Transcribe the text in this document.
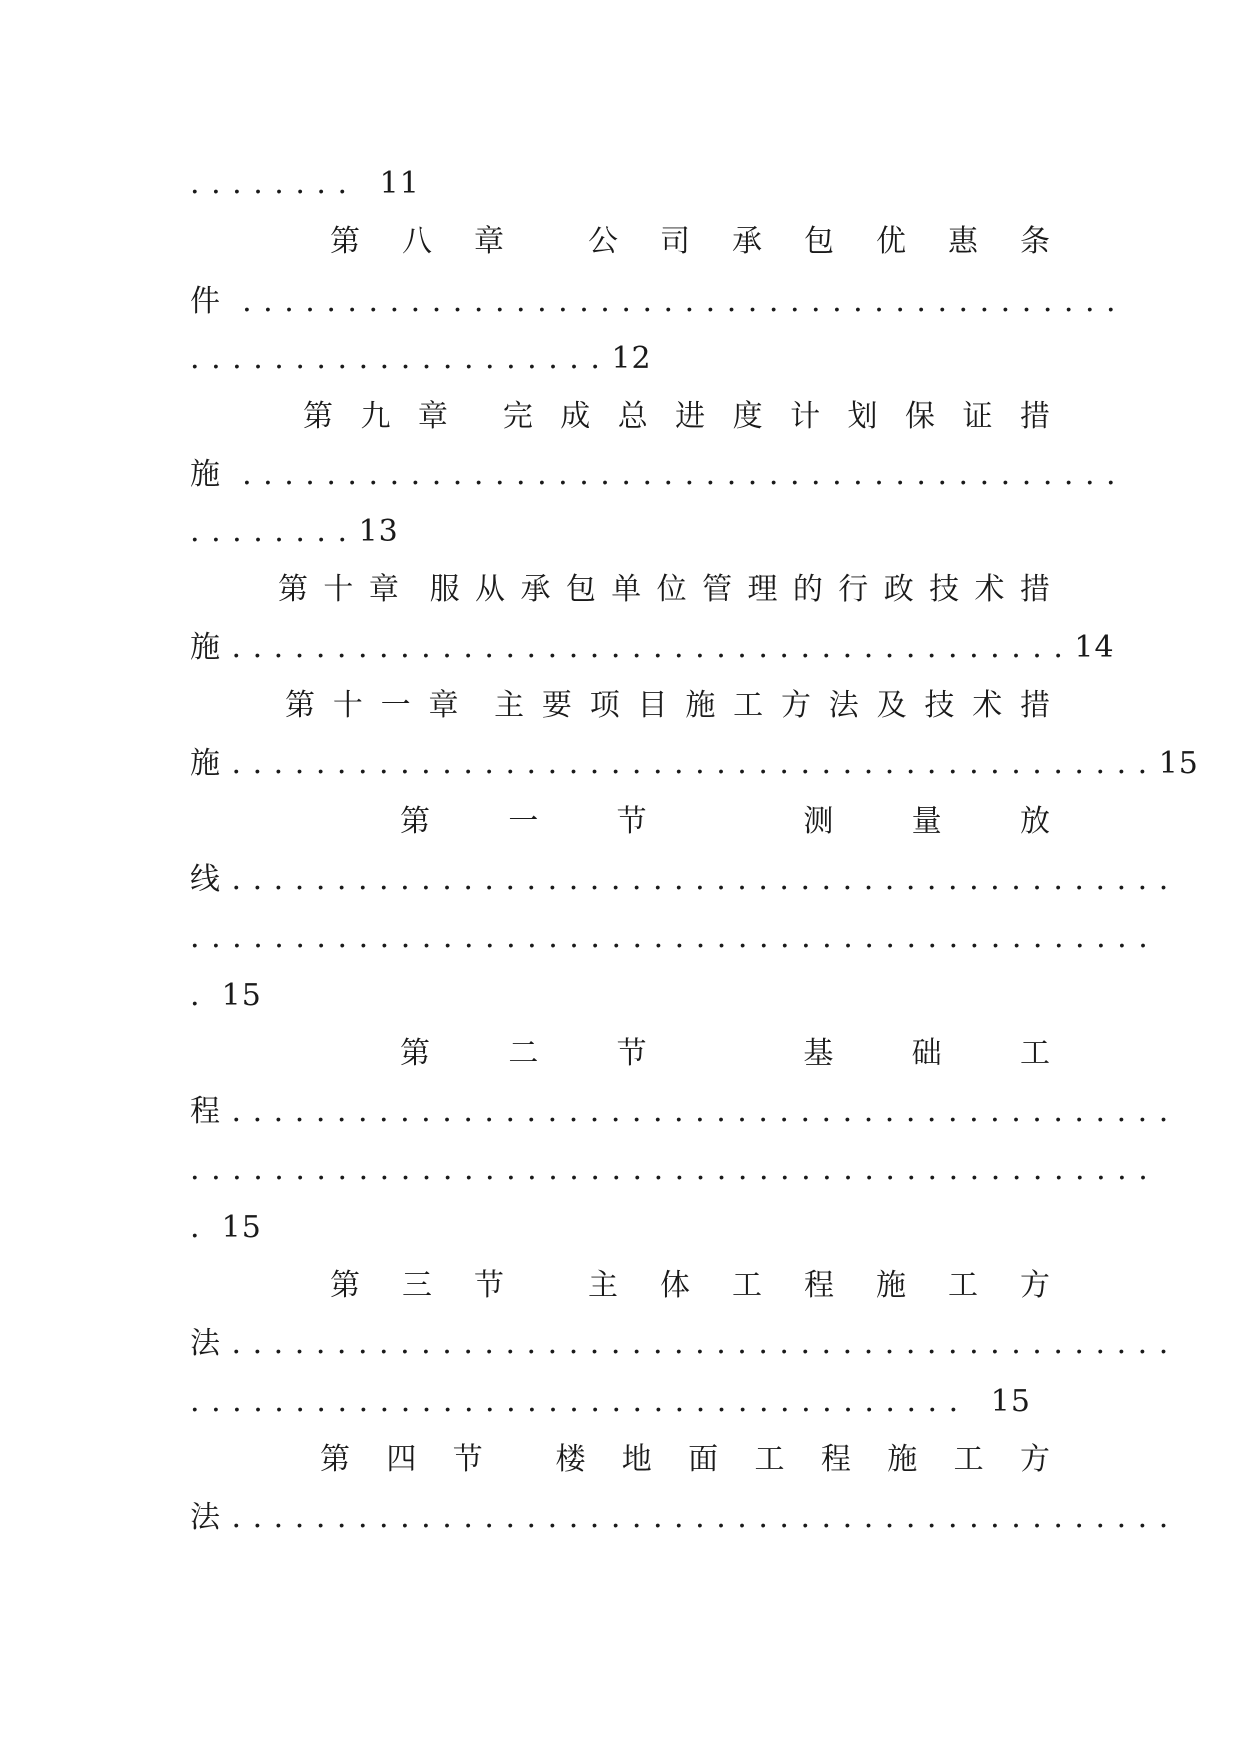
. . . . . . . .   11
第 八 章	公 司 承 包 优 惠 条
件  . . . . . . . . . . . . . . . . . . . . . . . . . . . . . . . . . . . . . . . . . .
. . . . . . . . . . . . . . . . . . . . 12
第 九 章 完 成 总 进 度 计 划 保 证 措
施  . . . . . . . . . . . . . . . . . . . . . . . . . . . . . . . . . . . . . . . . . .
. . . . . . . . 13
第 十 章 服 从 承 包 单 位 管 理 的 行 政 技 术 措
施 . . . . . . . . . . . . . . . . . . . . . . . . . . . . . . . . . . . . . . . . 14
第 十 一 章 主 要 项 目 施 工 方 法 及 技 术 措
施 . . . . . . . . . . . . . . . . . . . . . . . . . . . . . . . . . . . . . . . . . . . . 15
第	一	节	测	量	放
线 . . . . . . . . . . . . . . . . . . . . . . . . . . . . . . . . . . . . . . . . . . . . .
. . . . . . . . . . . . . . . . . . . . . . . . . . . . . . . . . . . . . . . . . . . . . .
.  15
第	二	节	基	础	工
程 . . . . . . . . . . . . . . . . . . . . . . . . . . . . . . . . . . . . . . . . . . . . .
. . . . . . . . . . . . . . . . . . . . . . . . . . . . . . . . . . . . . . . . . . . . . .
.  15
第 三 节	主 体 工 程 施 工 方
法 . . . . . . . . . . . . . . . . . . . . . . . . . . . . . . . . . . . . . . . . . . . . .
. . . . . . . . . . . . . . . . . . . . . . . . . . . . . . . . . . . . .   15
第 四 节 楼 地 面 工 程 施 工 方
法 . . . . . . . . . . . . . . . . . . . . . . . . . . . . . . . . . . . . . . . . . . . . .
